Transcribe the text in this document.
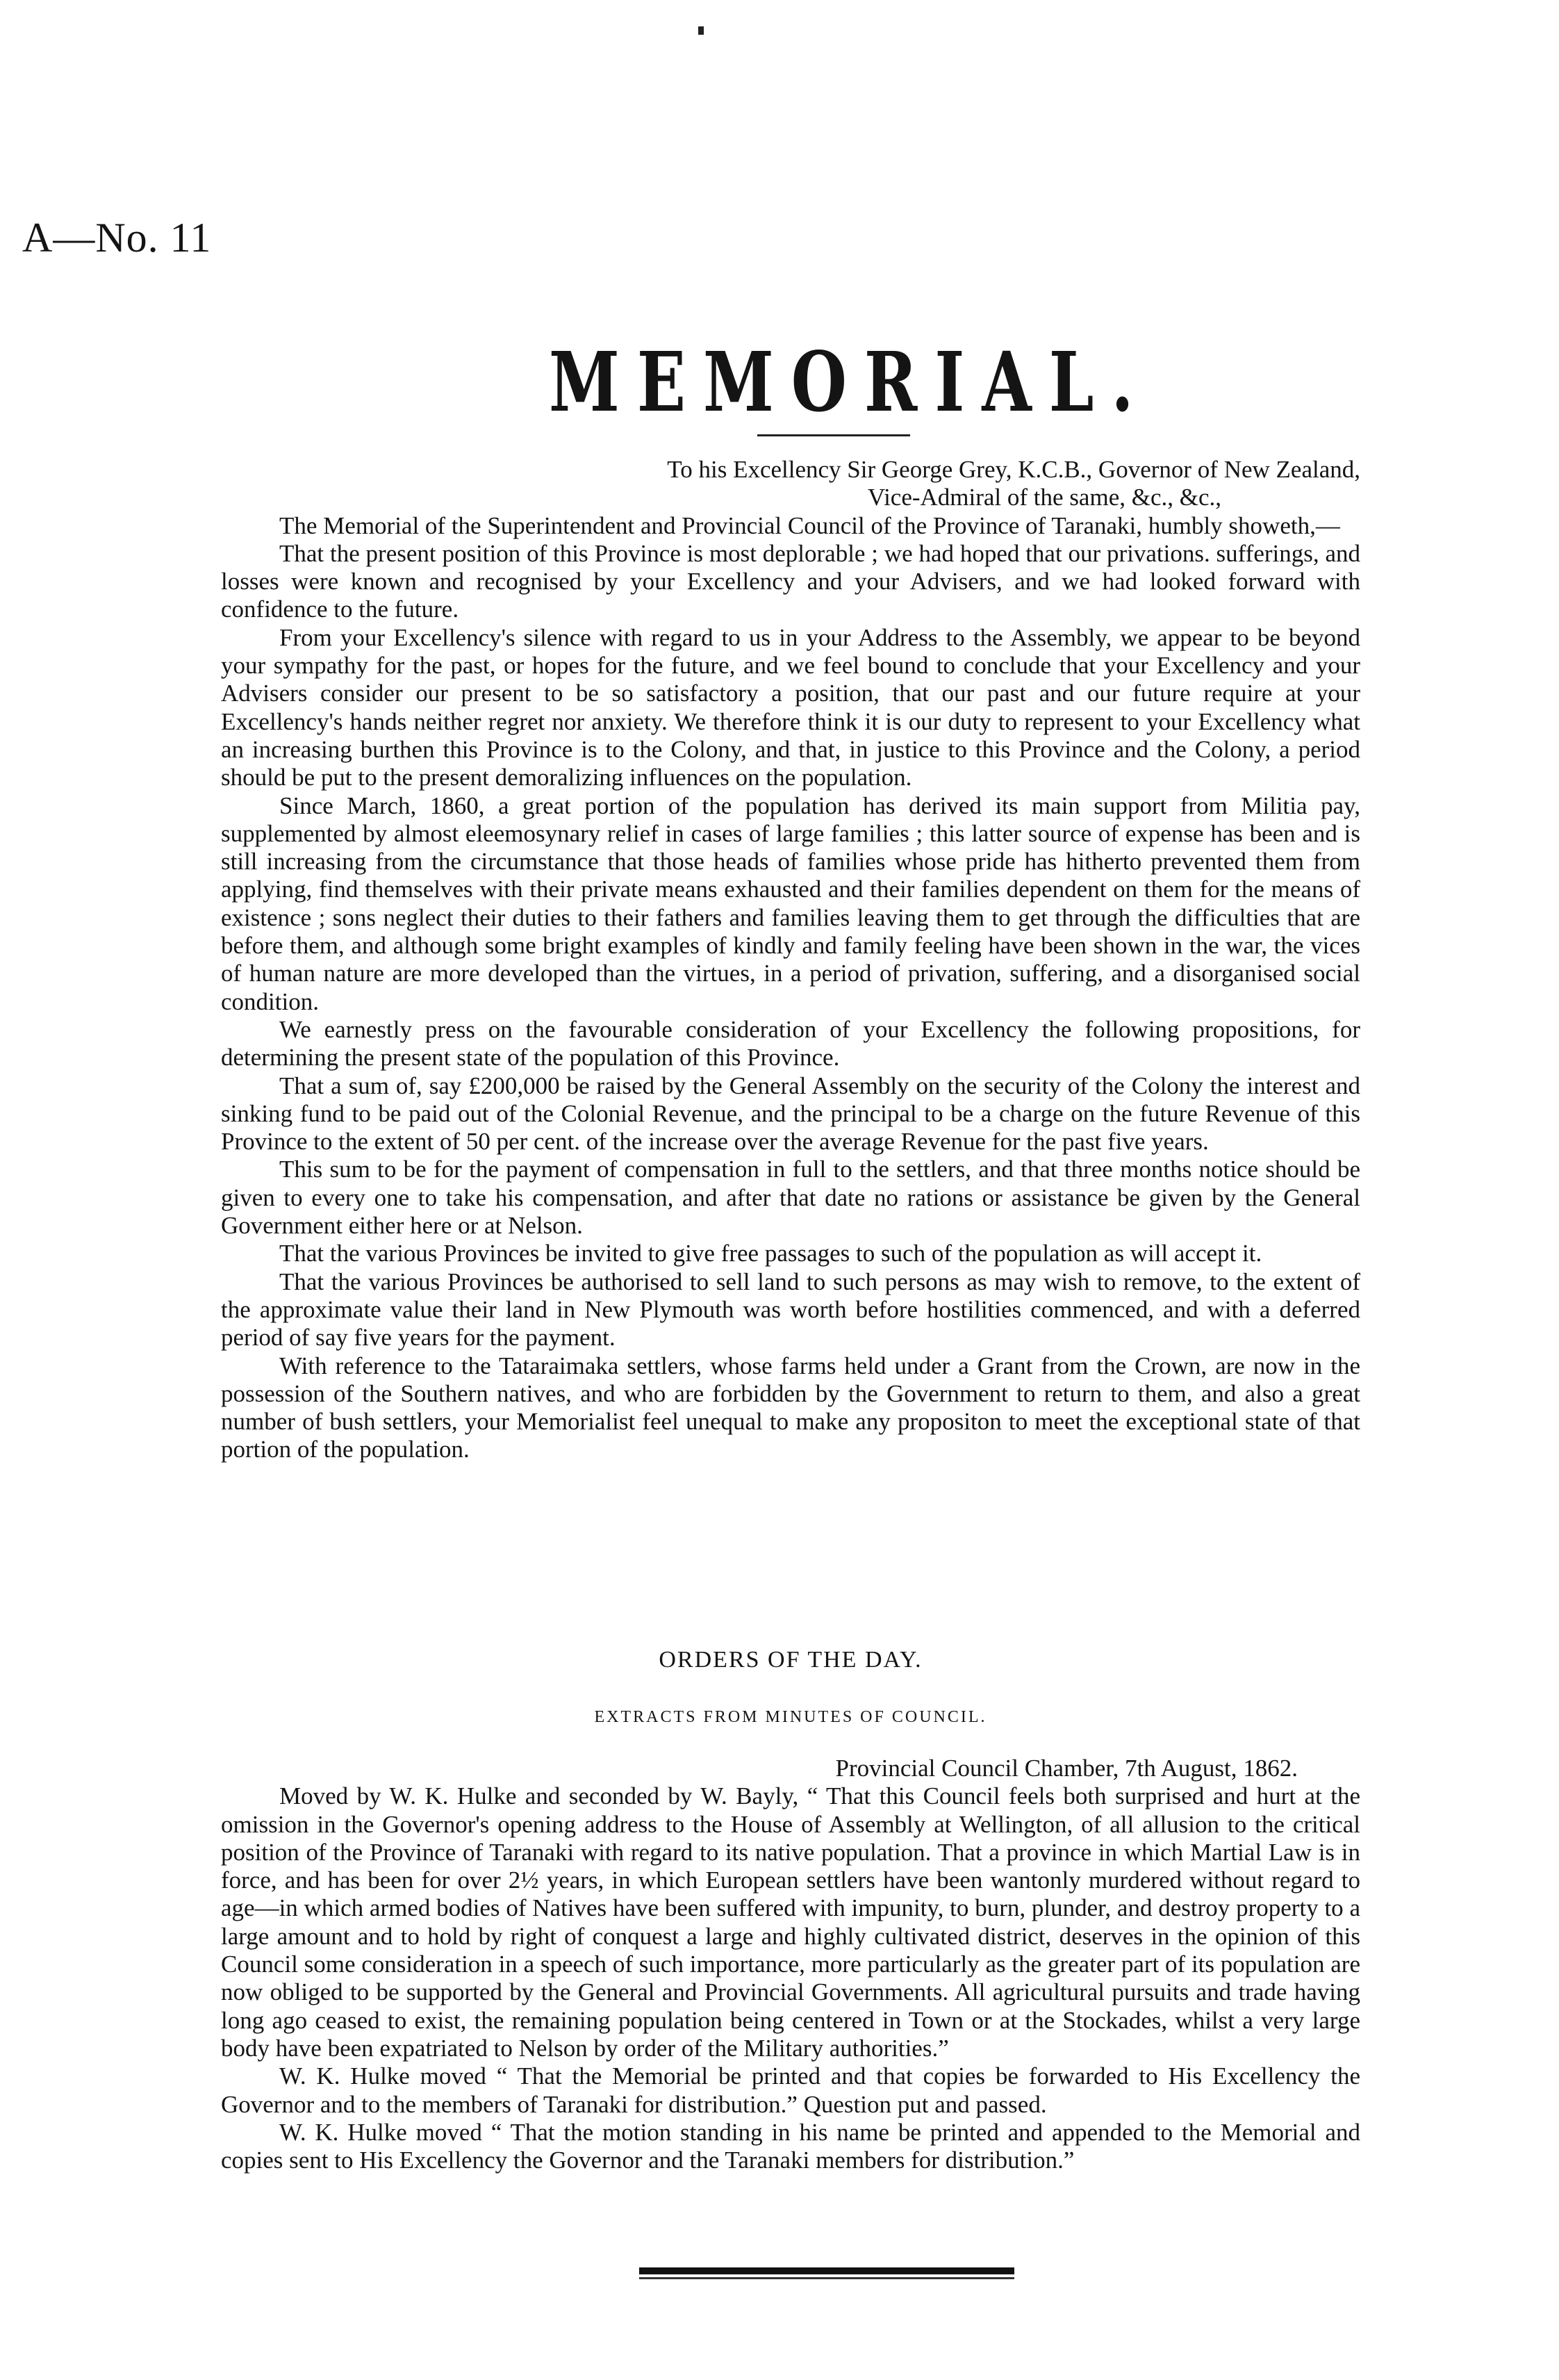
A—No. 11
MEMORIAL.

To his Excellency Sir George Grey, K.C.B., Governor of New Zealand,

Vice-Admiral of the same, &c., &c.,

The Memorial of the Superintendent and Provincial Council of the Province of Taranaki, humbly showeth,—

That the present position of this Province is most deplorable ; we had hoped that our privations. sufferings, and losses were known and recognised by your Excellency and your Advisers, and we had looked forward with confidence to the future.

From your Excellency's silence with regard to us in your Address to the Assembly, we appear to be beyond your sympathy for the past, or hopes for the future, and we feel bound to conclude that your Excellency and your Advisers consider our present to be so satisfactory a position, that our past and our future require at your Excellency's hands neither regret nor anxiety. We therefore think it is our duty to represent to your Excellency what an increasing burthen this Province is to the Colony, and that, in justice to this Province and the Colony, a period should be put to the present demoralizing influences on the population.

Since March, 1860, a great portion of the population has derived its main support from Militia pay, supplemented by almost eleemosynary relief in cases of large families ; this latter source of expense has been and is still increasing from the circumstance that those heads of families whose pride has hitherto prevented them from applying, find themselves with their private means exhausted and their families dependent on them for the means of existence ; sons neglect their duties to their fathers and families leaving them to get through the difficulties that are before them, and although some bright examples of kindly and family feeling have been shown in the war, the vices of human nature are more developed than the virtues, in a period of privation, suffering, and a disorganised social condition.

We earnestly press on the favourable consideration of your Excellency the following propositions, for determining the present state of the population of this Province.

That a sum of, say £200,000 be raised by the General Assembly on the security of the Colony the interest and sinking fund to be paid out of the Colonial Revenue, and the principal to be a charge on the future Revenue of this Province to the extent of 50 per cent. of the increase over the average Revenue for the past five years.

This sum to be for the payment of compensation in full to the settlers, and that three months notice should be given to every one to take his compensation, and after that date no rations or assistance be given by the General Government either here or at Nelson.

That the various Provinces be invited to give free passages to such of the population as will accept it.

That the various Provinces be authorised to sell land to such persons as may wish to remove, to the extent of the approximate value their land in New Plymouth was worth before hostilities commenced, and with a deferred period of say five years for the payment.

With reference to the Tataraimaka settlers, whose farms held under a Grant from the Crown, are now in the possession of the Southern natives, and who are forbidden by the Government to return to them, and also a great number of bush settlers, your Memorialist feel unequal to make any propositon to meet the exceptional state of that portion of the population.

ORDERS OF THE DAY.
EXTRACTS FROM MINUTES OF COUNCIL.

Provincial Council Chamber, 7th August, 1862.

Moved by W. K. Hulke and seconded by W. Bayly, “ That this Council feels both surprised and hurt at the omission in the Governor's opening address to the House of Assembly at Wellington, of all allusion to the critical position of the Province of Taranaki with regard to its native population. That a province in which Martial Law is in force, and has been for over 2½ years, in which European settlers have been wantonly murdered without regard to age—in which armed bodies of Natives have been suffered with impunity, to burn, plunder, and destroy property to a large amount and to hold by right of conquest a large and highly cultivated district, deserves in the opinion of this Council some consideration in a speech of such importance, more particularly as the greater part of its population are now obliged to be supported by the General and Provincial Governments. All agricultural pursuits and trade having long ago ceased to exist, the remaining population being centered in Town or at the Stockades, whilst a very large body have been expatriated to Nelson by order of the Military authorities.”

W. K. Hulke moved “ That the Memorial be printed and that copies be forwarded to His Excellency the Governor and to the members of Taranaki for distribution.” Question put and passed.

W. K. Hulke moved “ That the motion standing in his name be printed and appended to the Memorial and copies sent to His Excellency the Governor and the Taranaki members for distribution.”
